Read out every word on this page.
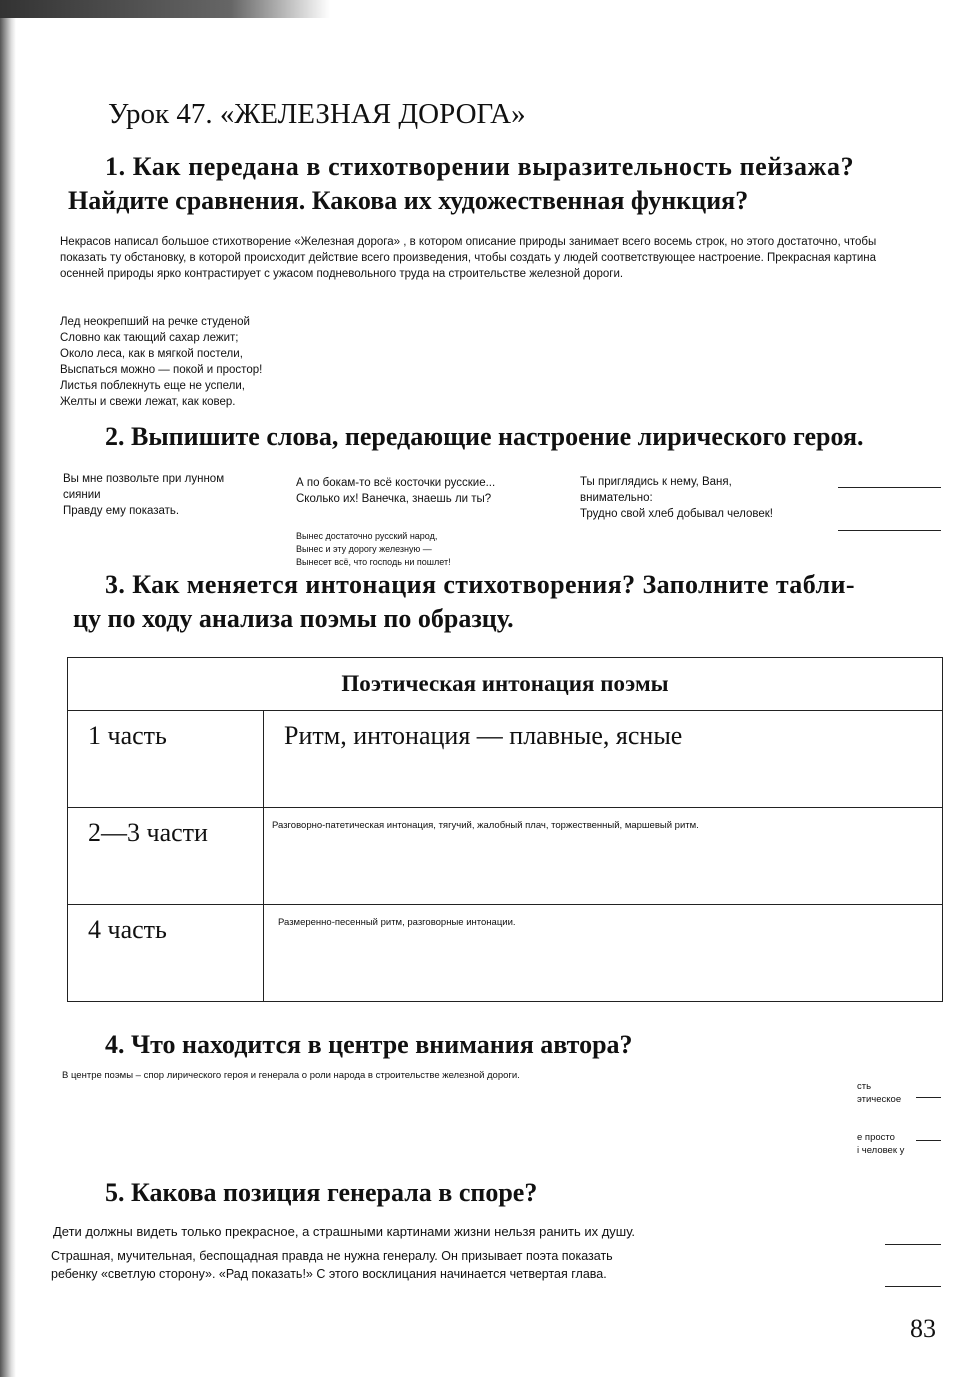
Урок 47. «ЖЕЛЕЗНАЯ ДОРОГА»
1. Как передана в стихотворении выразительность пейзажа?
Найдите сравнения. Какова их художественная функция?
Некрасов написал большое стихотворение «Железная дорога» , в котором описание природы занимает всего восемь строк, но этого достаточно, чтобы показать ту обстановку, в которой происходит действие всего произведения, чтобы создать у людей соответствующее настроение. Прекрасная картина осенней природы ярко контрастирует с ужасом подневольного труда на строительстве железной дороги.
Лед неокрепший на речке студеной
Словно как тающий сахар лежит;
Около леса, как в мягкой постели,
Выспаться можно — покой и простор!
Листья поблекнуть еще не успели,
Желты и свежи лежат, как ковер.
2. Выпишите слова, передающие настроение лирического героя.
Вы мне позвольте при лунном
сиянии
Правду ему показать.
А по бокам-то всё косточки русские...
Сколько их! Ванечка, знаешь ли ты?
Ты приглядись к нему, Ваня,
внимательно:
Трудно свой хлеб добывал человек!
Вынес достаточно русский народ,
Вынес и эту дорогу железную —
Вынесет всё, что господь ни пошлет!
3. Как меняется интонация стихотворения? Заполните табли-
цу по ходу анализа поэмы по образцу.
Поэтическая интонация поэмы	
1 часть	Ритм, интонация — плавные, ясные
2—3 части	Разговорно-патетическая интонация, тягучий, жалобный плач, торжественный, маршевый ритм.
4 часть	Размеренно-песенный ритм, разговорные интонации.
4. Что находится в центре внимания автора?
В центре поэмы – спор лирического героя и генерала о роли народа в строительстве железной дороги.
сть
этическое
е просто
і человек у
5. Какова позиция генерала в споре?
Дети должны видеть только прекрасное, а страшными картинами жизни нельзя ранить их душу.
Страшная, мучительная, беспощадная правда не нужна генералу. Он призывает поэта показать
ребенку «светлую сторону». «Рад показать!» С этого восклицания начинается четвертая глава.
83
